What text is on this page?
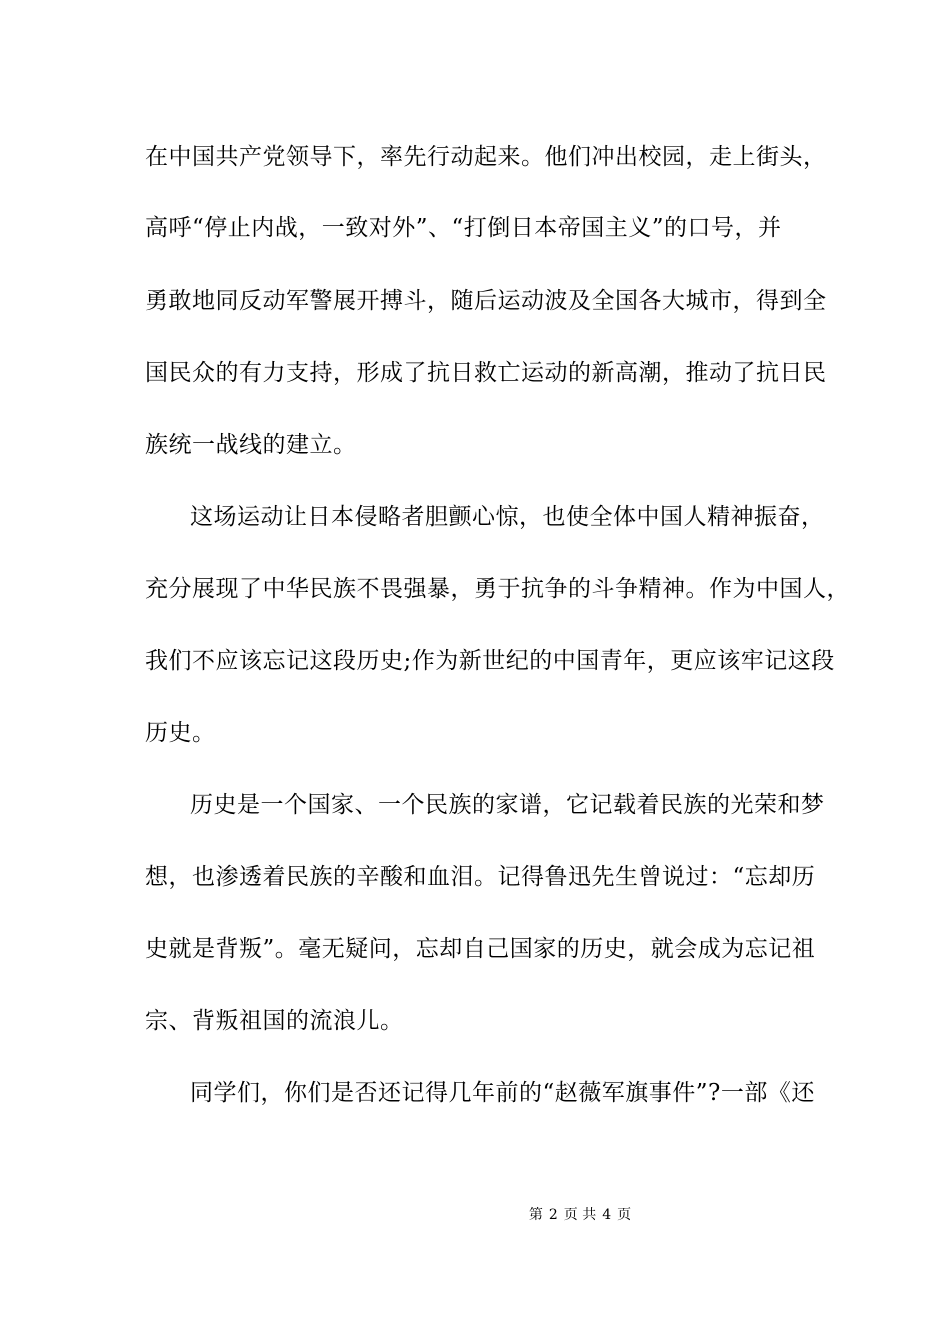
在中国共产党领导下，率先行动起来。他们冲出校园，走上街头，
高呼“停止内战，一致对外”、“打倒日本帝国主义”的口号，并
勇敢地同反动军警展开搏斗，随后运动波及全国各大城市，得到全
国民众的有力支持，形成了抗日救亡运动的新高潮，推动了抗日民
族统一战线的建立。
这场运动让日本侵略者胆颤心惊，也使全体中国人精神振奋，
充分展现了中华民族不畏强暴，勇于抗争的斗争精神。作为中国人，
我们不应该忘记这段历史;作为新世纪的中国青年，更应该牢记这段
历史。
历史是一个国家、一个民族的家谱，它记载着民族的光荣和梦
想，也渗透着民族的辛酸和血泪。记得鲁迅先生曾说过：“忘却历
史就是背叛”。毫无疑问，忘却自己国家的历史，就会成为忘记祖
宗、背叛祖国的流浪儿。
同学们，你们是否还记得几年前的“赵薇军旗事件”?一部《还
第 2 页 共 4 页
